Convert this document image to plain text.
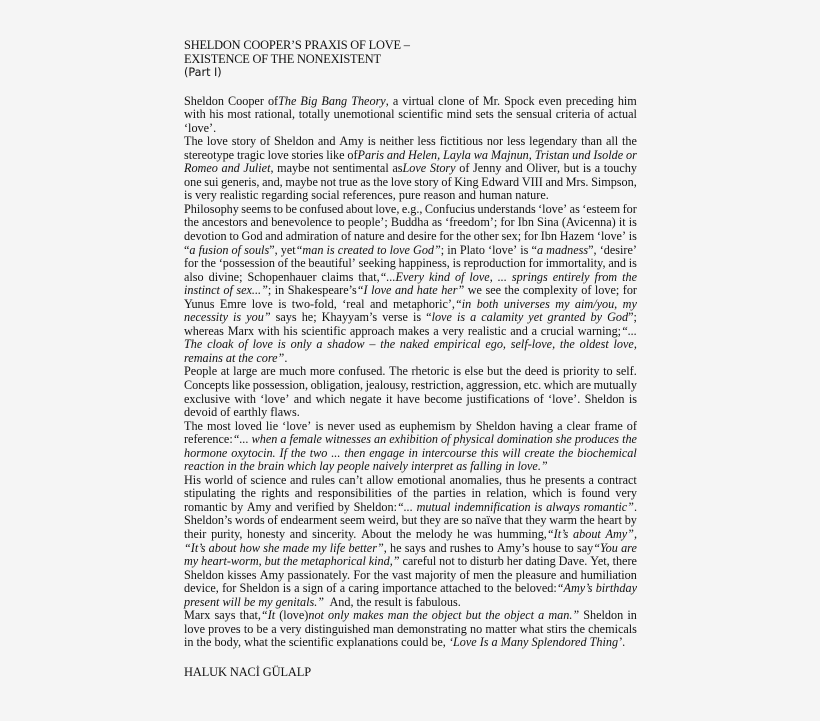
SHELDON COOPER’S PRAXIS OF LOVE –
EXISTENCE OF THE NONEXISTENT
(Part I)
Sheldon Cooper ofThe Big Bang Theory, a virtual clone of Mr. Spock even preceding him
with his most rational, totally unemotional scientific mind sets the sensual criteria of actual
‘love’.
The love story of Sheldon and Amy is neither less fictitious nor less legendary than all the
stereotype tragic love stories like ofParis and Helen, Layla wa Majnun, Tristan und Isolde or
Romeo and Juliet, maybe not sentimental asLove Story of Jenny and Oliver, but is a touchy
one sui generis, and, maybe not true as the love story of King Edward VIII and Mrs. Simpson,
is very realistic regarding social references, pure reason and human nature.
Philosophy seems to be confused about love, e.g., Confucius understands ‘love’ as ‘esteem for
the ancestors and benevolence to people’; Buddha as ‘freedom’; for Ibn Sina (Avicenna) it is
devotion to God and admiration of nature and desire for the other sex; for Ibn Hazem ‘love’ is
“a fusion of souls”, yet“man is created to love God”; in Plato ‘love’ is “a madness”, ‘desire’
for the ‘possession of the beautiful’ seeking happiness, is reproduction for immortality, and is
also divine; Schopenhauer claims that,“...Every kind of love, ... springs entirely from the
instinct of sex...”; in Shakespeare’s“I love and hate her” we see the complexity of love; for
Yunus Emre love is two-fold, ‘real and metaphoric’,“in both universes my aim/you, my
necessity is you” says he; Khayyam’s verse is “love is a calamity yet granted by God”;
whereas Marx with his scientific approach makes a very realistic and a crucial warning;“...
The cloak of love is only a shadow – the naked empirical ego, self-love, the oldest love,
remains at the core” .
People at large are much more confused. The rhetoric is else but the deed is priority to self.
Concepts like possession, obligation, jealousy, restriction, aggression, etc. which are mutually
exclusive with ‘love’ and which negate it have become justifications of ‘love’. Sheldon is
devoid of earthly flaws.
The most loved lie ‘love’ is never used as euphemism by Sheldon having a clear frame of
reference:“... when a female witnesses an exhibition of physical domination she produces the
hormone oxytocin. If the two ... then engage in intercourse this will create the biochemical
reaction in the brain which lay people naively interpret as falling in love.”
His world of science and rules can’t allow emotional anomalies, thus he presents a contract
stipulating the rights and responsibilities of the parties in relation, which is found very
romantic by Amy and verified by Sheldon:“... mutual indemnification is always romantic”.
Sheldon’s words of endearment seem weird, but they are so naïve that they warm the heart by
their purity, honesty and sincerity. About the melody he was humming,“It’s about Amy”,
“It’s about how she made my life better”, he says and rushes to Amy’s house to say“You are
my heart-worm, but the metaphorical kind,” careful not to disturb her dating Dave. Yet, there
Sheldon kisses Amy passionately. For the vast majority of men the pleasure and humiliation
device, for Sheldon is a sign of a caring importance attached to the beloved:“Amy’s birthday
present will be my genitals.” And, the result is fabulous.
Marx says that,“It (love)not only makes man the object but the object a man.” Sheldon in
love proves to be a very distinguished man demonstrating no matter what stirs the chemicals
in the body, what the scientific explanations could be, ‘Love Is a Many Splendored Thing’ .
HALUK NACİ GÜLALP
